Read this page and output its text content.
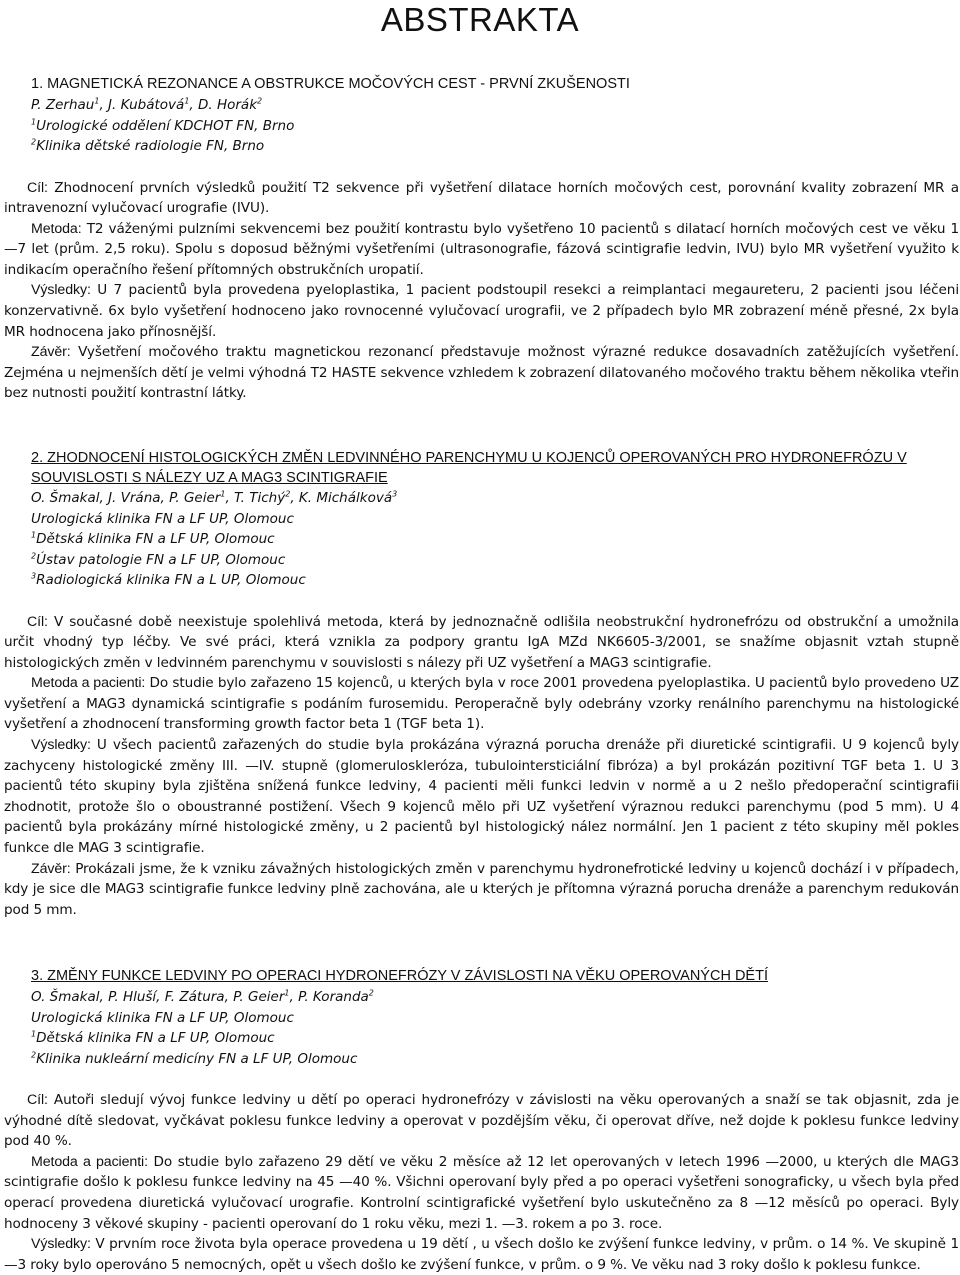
ABSTRAKTA
1. MAGNETICKÁ REZONANCE A OBSTRUKCE MOČOVÝCH CEST - PRVNÍ ZKUŠENOSTI
P. Zerhau$^1$, J. Kubátová$^1$, D. Horák$^2$
$^1$Urologické oddělení KDCHOT FN, Brno
$^2$Klinika dětské radiologie FN, Brno

Cíl: Zhodnocení prvních výsledků použití T2 sekvence při vyšetření dilatace horních močových cest, porovnání kvality zobrazení MR a intravenozní vylučovací urografie (IVU).

Metoda: T2 váženými pulzními sekvencemi bez použití kontrastu bylo vyšetřeno 10 pacientů s dilatací horních močových cest ve věku 1 —7 let (prům. 2,5 roku). Spolu s doposud běžnými vyšetřeními (ultrasonografie, fázová scintigrafie ledvin, IVU) bylo MR vyšetření využito k indikacím operačního řešení přítomných obstrukčních uropatií.

Výsledky: U 7 pacientů byla provedena pyeloplastika, 1 pacient podstoupil resekci a reimplantaci megaureteru, 2 pacienti jsou léčeni konzervativně. 6x bylo vyšetření hodnoceno jako rovnocenné vylučovací urografii, ve 2 případech bylo MR zobrazení méně přesné, 2x byla MR hodnocena jako přínosnější.

Závěr: Vyšetření močového traktu magnetickou rezonancí představuje možnost výrazné redukce dosavadních zatěžujících vyšetření. Zejména u nejmenších dětí je velmi výhodná T2 HASTE sekvence vzhledem k zobrazení dilatovaného močového traktu během několika vteřin bez nutnosti použití kontrastní látky.

2. ZHODNOCENÍ HISTOLOGICKÝCH ZMĚN LEDVINNÉHO PARENCHYMU U KOJENCŮ OPEROVANÝCH PRO HYDRONEFRÓZU V SOUVISLOSTI S NÁLEZY UZ A MAG3 SCINTIGRAFIE
O. Šmakal, J. Vrána, P. Geier$^1$, T. Tichý$^2$, K. Michálková$^3$
Urologická klinika FN a LF UP, Olomouc
$^1$Dětská klinika FN a LF UP, Olomouc
$^2$Ústav patologie FN a LF UP, Olomouc
$^3$Radiologická klinika FN a L UP, Olomouc

Cíl: V současné době neexistuje spolehlivá metoda, která by jednoznačně odlišila neobstrukční hydronefrózu od obstrukční a umožnila určit vhodný typ léčby. Ve své práci, která vznikla za podpory grantu IgA MZd NK6605-3/2001, se snažíme objasnit vztah stupně histologických změn v ledvinném parenchymu v souvislosti s nálezy při UZ vyšetření a MAG3 scintigrafie.

Metoda a pacienti: Do studie bylo zařazeno 15 kojenců, u kterých byla v roce 2001 provedena pyeloplastika. U pacientů bylo provedeno UZ vyšetření a MAG3 dynamická scintigrafie s podáním furosemidu. Peroperačně byly odebrány vzorky renálního parenchymu na histologické vyšetření a zhodnocení transforming growth factor beta 1 (TGF beta 1).

Výsledky: U všech pacientů zařazených do studie byla prokázána výrazná porucha drenáže při diuretické scintigrafii. U 9 kojenců byly zachyceny histologické změny III. —IV. stupně (glomeruloskleróza, tubulointersticiální fibróza) a byl prokázán pozitivní TGF beta 1. U 3 pacientů této skupiny byla zjištěna snížená funkce ledviny, 4 pacienti měli funkci ledvin v normě a u 2 nešlo předoperační scintigrafii zhodnotit, protože šlo o oboustranné postižení. Všech 9 kojenců mělo při UZ vyšetření výraznou redukci parenchymu (pod 5 mm). U 4 pacientů byla prokázány mírné histologické změny, u 2 pacientů byl histologický nález normální. Jen 1 pacient z této skupiny měl pokles funkce dle MAG 3 scintigrafie.

Závěr: Prokázali jsme, že k vzniku závažných histologických změn v parenchymu hydronefrotické ledviny u kojenců dochází i v případech, kdy je sice dle MAG3 scintigrafie funkce ledviny plně zachována, ale u kterých je přítomna výrazná porucha drenáže a parenchym redukován pod 5 mm.

3. ZMĚNY FUNKCE LEDVINY PO OPERACI HYDRONEFRÓZY V ZÁVISLOSTI NA VĚKU OPEROVANÝCH DĚTÍ
O. Šmakal, P. Hluší, F. Zátura, P. Geier$^1$, P. Koranda$^2$
Urologická klinika FN a LF UP, Olomouc
$^1$Dětská klinika FN a LF UP, Olomouc
$^2$Klinika nukleární medicíny FN a LF UP, Olomouc

Cíl: Autoři sledují vývoj funkce ledviny u dětí po operaci hydronefrózy v závislosti na věku operovaných a snaží se tak objasnit, zda je výhodné dítě sledovat, vyčkávat poklesu funkce ledviny a operovat v pozdějším věku, či operovat dříve, než dojde k poklesu funkce ledviny pod 40 %.

Metoda a pacienti: Do studie bylo zařazeno 29 dětí ve věku 2 měsíce až 12 let operovaných v letech 1996 —2000, u kterých dle MAG3 scintigrafie došlo k poklesu funkce ledviny na 45 —40 %. Všichni operovaní byly před a po operaci vyšetřeni sonograficky, u všech byla před operací provedena diuretická vylučovací urografie. Kontrolní scintigrafické vyšetření bylo uskutečněno za 8 —12 měsíců po operaci. Byly hodnoceny 3 věkové skupiny - pacienti operovaní do 1 roku věku, mezi 1. —3. rokem a po 3. roce.

Výsledky: V prvním roce života byla operace provedena u 19 dětí , u všech došlo ke zvýšení funkce ledviny, v prům. o 14 %. Ve skupině 1 —3 roky bylo operováno 5 nemocných, opět u všech došlo ke zvýšení funkce, v prům. o 9 %. Ve věku nad 3 roky došlo k poklesu funkce.
